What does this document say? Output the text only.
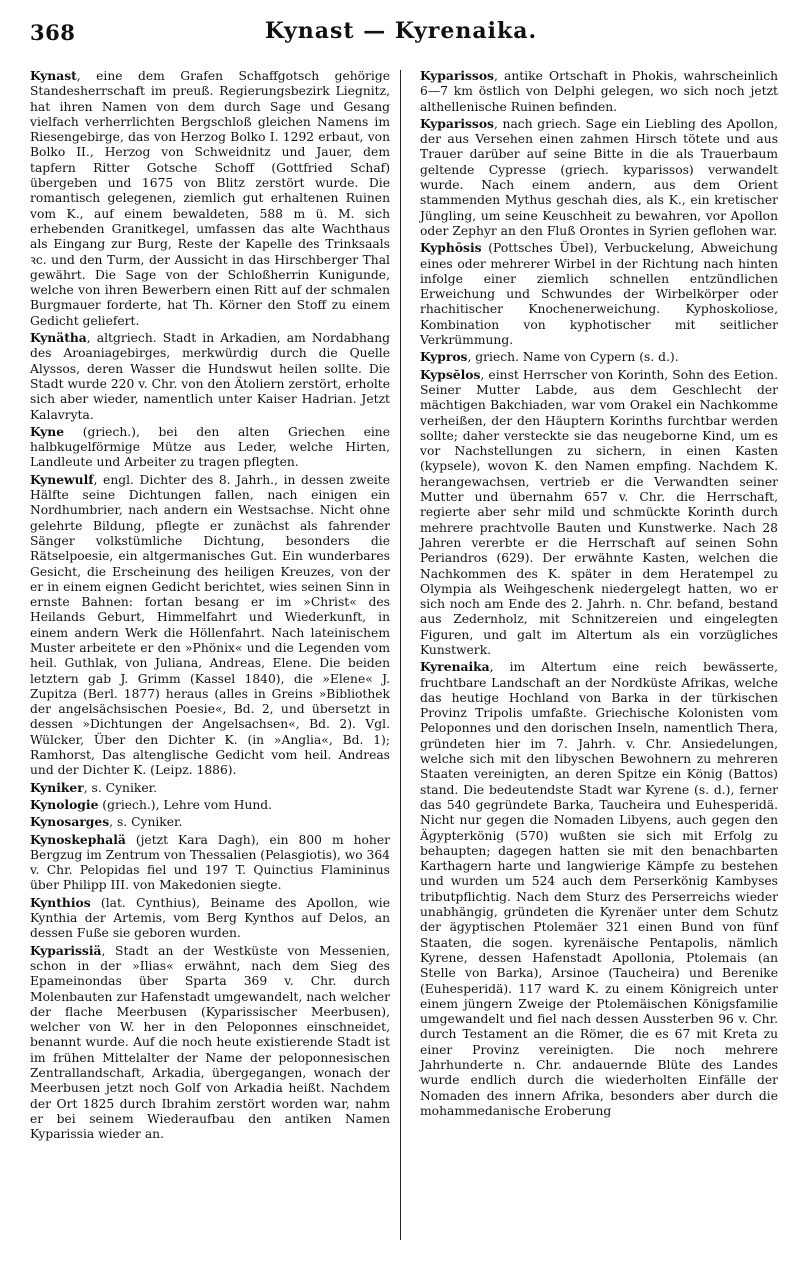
368	Kynast — Kyrenaika.

Kynast, eine dem Grafen Schaffgotsch gehörige Standesherrschaft im preuß. Regierungsbezirk Liegnitz, hat ihren Namen von dem durch Sage und Gesang vielfach verherrlichten Bergschloß gleichen Namens im Riesengebirge, das von Herzog Bolko I. 1292 erbaut, von Bolko II., Herzog von Schweidnitz und Jauer, dem tapfern Ritter Gotsche Schoff (Gottfried Schaf) übergeben und 1675 von Blitz zerstört wurde. Die romantisch gelegenen, ziemlich gut erhaltenen Ruinen vom K., auf einem bewaldeten, 588 m ü. M. sich erhebenden Granitkegel, umfassen das alte Wachthaus als Eingang zur Burg, Reste der Kapelle des Trinksaals ꝛc. und den Turm, der Aussicht in das Hirschberger Thal gewährt. Die Sage von der Schloßherrin Kunigunde, welche von ihren Bewerbern einen Ritt auf der schmalen Burgmauer forderte, hat Th. Körner den Stoff zu einem Gedicht geliefert.

Kynätha, altgriech. Stadt in Arkadien, am Nordabhang des Aroaniagebirges, merkwürdig durch die Quelle Alyssos, deren Wasser die Hundswut heilen sollte. Die Stadt wurde 220 v. Chr. von den Ätoliern zerstört, erholte sich aber wieder, namentlich unter Kaiser Hadrian. Jetzt Kalavryta.

Kyne (griech.), bei den alten Griechen eine halbkugelförmige Mütze aus Leder, welche Hirten, Landleute und Arbeiter zu tragen pflegten.

Kynewulf, engl. Dichter des 8. Jahrh., in dessen zweite Hälfte seine Dichtungen fallen, nach einigen ein Nordhumbrier, nach andern ein Westsachse. Nicht ohne gelehrte Bildung, pflegte er zunächst als fahrender Sänger volkstümliche Dichtung, besonders die Rätselpoesie, ein altgermanisches Gut. Ein wunderbares Gesicht, die Erscheinung des heiligen Kreuzes, von der er in einem eignen Gedicht berichtet, wies seinen Sinn in ernste Bahnen: fortan besang er im »Christ« des Heilands Geburt, Himmelfahrt und Wiederkunft, in einem andern Werk die Höllenfahrt. Nach lateinischem Muster arbeitete er den »Phönix« und die Legenden vom heil. Guthlak, von Juliana, Andreas, Elene. Die beiden letztern gab J. Grimm (Kassel 1840), die »Elene« J. Zupitza (Berl. 1877) heraus (alles in Greins »Bibliothek der angelsächsischen Poesie«, Bd. 2, und übersetzt in dessen »Dichtungen der Angelsachsen«, Bd. 2). Vgl. Wülcker, Über den Dichter K. (in »Anglia«, Bd. 1); Ramhorst, Das altenglische Gedicht vom heil. Andreas und der Dichter K. (Leipz. 1886).

Kyniker, s. Cyniker.

Kynologie (griech.), Lehre vom Hund.

Kynosarges, s. Cyniker.

Kynoskephalä (jetzt Kara Dagh), ein 800 m hoher Bergzug im Zentrum von Thessalien (Pelasgiotis), wo 364 v. Chr. Pelopidas fiel und 197 T. Quinctius Flamininus über Philipp III. von Makedonien siegte.

Kynthios (lat. Cynthius), Beiname des Apollon, wie Kynthia der Artemis, vom Berg Kynthos auf Delos, an dessen Fuße sie geboren wurden.

Kyparissiä, Stadt an der Westküste von Messenien, schon in der »Ilias« erwähnt, nach dem Sieg des Epameinondas über Sparta 369 v. Chr. durch Molenbauten zur Hafenstadt umgewandelt, nach welcher der flache Meerbusen (Kyparissischer Meerbusen), welcher von W. her in den Peloponnes einschneidet, benannt wurde. Auf die noch heute existierende Stadt ist im frühen Mittelalter der Name der peloponnesischen Zentrallandschaft, Arkadia, übergegangen, wonach der Meerbusen jetzt noch Golf von Arkadia heißt. Nachdem der Ort 1825 durch Ibrahim zerstört worden war, nahm er bei seinem Wiederaufbau den antiken Namen Kyparissia wieder an.

Kyparissos, antike Ortschaft in Phokis, wahrscheinlich 6—7 km östlich von Delphi gelegen, wo sich noch jetzt althellenische Ruinen befinden.

Kyparissos, nach griech. Sage ein Liebling des Apollon, der aus Versehen einen zahmen Hirsch tötete und aus Trauer darüber auf seine Bitte in die als Trauerbaum geltende Cypresse (griech. kyparissos) verwandelt wurde. Nach einem andern, aus dem Orient stammenden Mythus geschah dies, als K., ein kretischer Jüngling, um seine Keuschheit zu bewahren, vor Apollon oder Zephyr an den Fluß Orontes in Syrien geflohen war.

Kyphōsis (Pottsches Übel), Verbuckelung, Abweichung eines oder mehrerer Wirbel in der Richtung nach hinten infolge einer ziemlich schnellen entzündlichen Erweichung und Schwundes der Wirbelkörper oder rhachitischer Knochenerweichung. Kyphoskoliose, Kombination von kyphotischer mit seitlicher Verkrümmung.

Kypros, griech. Name von Cypern (s. d.).

Kypsĕlos, einst Herrscher von Korinth, Sohn des Eetion. Seiner Mutter Labde, aus dem Geschlecht der mächtigen Bakchiaden, war vom Orakel ein Nachkomme verheißen, der den Häuptern Korinths furchtbar werden sollte; daher versteckte sie das neugeborne Kind, um es vor Nachstellungen zu sichern, in einen Kasten (kypsele), wovon K. den Namen empfing. Nachdem K. herangewachsen, vertrieb er die Verwandten seiner Mutter und übernahm 657 v. Chr. die Herrschaft, regierte aber sehr mild und schmückte Korinth durch mehrere prachtvolle Bauten und Kunstwerke. Nach 28 Jahren vererbte er die Herrschaft auf seinen Sohn Periandros (629). Der erwähnte Kasten, welchen die Nachkommen des K. später in dem Heratempel zu Olympia als Weihgeschenk niedergelegt hatten, wo er sich noch am Ende des 2. Jahrh. n. Chr. befand, bestand aus Zedernholz, mit Schnitzereien und eingelegten Figuren, und galt im Altertum als ein vorzügliches Kunstwerk.

Kyrenaika, im Altertum eine reich bewässerte, fruchtbare Landschaft an der Nordküste Afrikas, welche das heutige Hochland von Barka in der türkischen Provinz Tripolis umfaßte. Griechische Kolonisten vom Peloponnes und den dorischen Inseln, namentlich Thera, gründeten hier im 7. Jahrh. v. Chr. Ansiedelungen, welche sich mit den libyschen Bewohnern zu mehreren Staaten vereinigten, an deren Spitze ein König (Battos) stand. Die bedeutendste Stadt war Kyrene (s. d.), ferner das 540 gegründete Barka, Taucheira und Euhesperidä. Nicht nur gegen die Nomaden Libyens, auch gegen den Ägypterkönig (570) wußten sie sich mit Erfolg zu behaupten; dagegen hatten sie mit den benachbarten Karthagern harte und langwierige Kämpfe zu bestehen und wurden um 524 auch dem Perserkönig Kambyses tributpflichtig. Nach dem Sturz des Perserreichs wieder unabhängig, gründeten die Kyrenäer unter dem Schutz der ägyptischen Ptolemäer 321 einen Bund von fünf Staaten, die sogen. kyrenäische Pentapolis, nämlich Kyrene, dessen Hafenstadt Apollonia, Ptolemais (an Stelle von Barka), Arsinoe (Taucheira) und Berenike (Euhesperidä). 117 ward K. zu einem Königreich unter einem jüngern Zweige der Ptolemäischen Königsfamilie umgewandelt und fiel nach dessen Aussterben 96 v. Chr. durch Testament an die Römer, die es 67 mit Kreta zu einer Provinz vereinigten. Die noch mehrere Jahrhunderte n. Chr. andauernde Blüte des Landes wurde endlich durch die wiederholten Einfälle der Nomaden des innern Afrika, besonders aber durch die mohammedanische Eroberung
